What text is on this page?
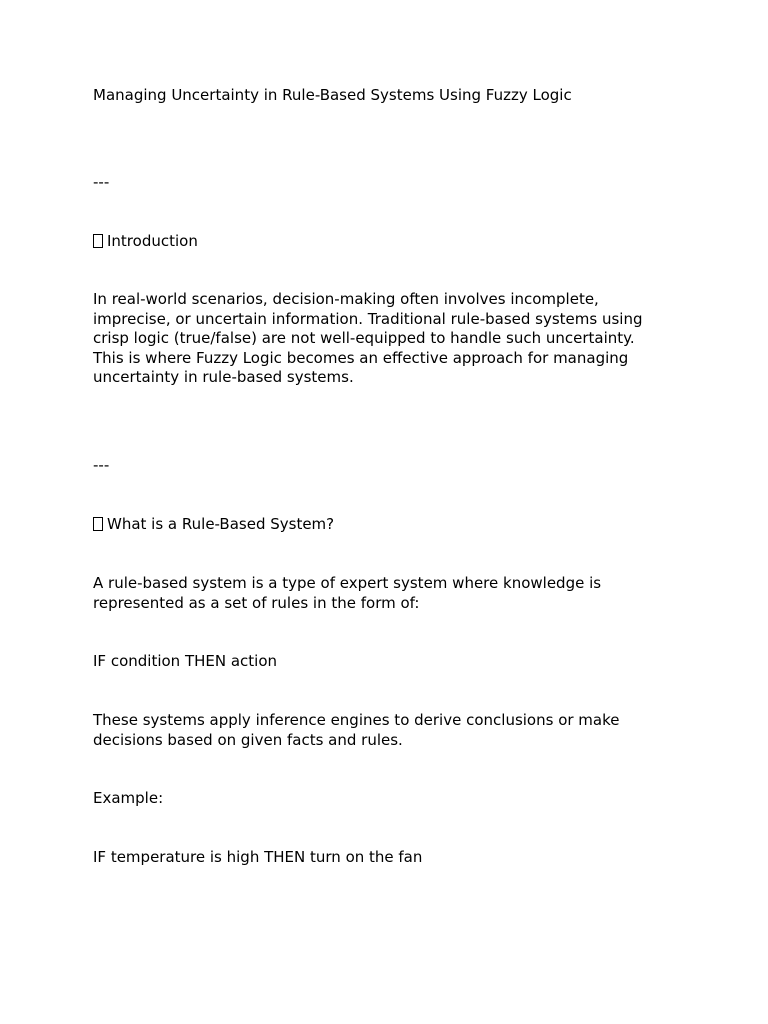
Managing Uncertainty in Rule-Based Systems Using Fuzzy Logic

---

Introduction

In real-world scenarios, decision-making often involves incomplete,
imprecise, or uncertain information. Traditional rule-based systems using
crisp logic (true/false) are not well-equipped to handle such uncertainty.
This is where Fuzzy Logic becomes an effective approach for managing
uncertainty in rule-based systems.

---

What is a Rule-Based System?

A rule-based system is a type of expert system where knowledge is
represented as a set of rules in the form of:

IF condition THEN action

These systems apply inference engines to derive conclusions or make
decisions based on given facts and rules.

Example:

IF temperature is high THEN turn on the fan
